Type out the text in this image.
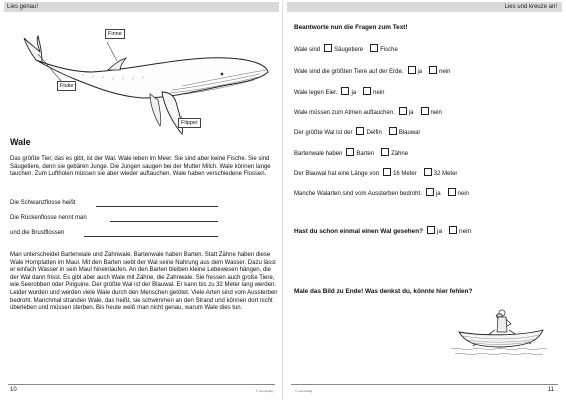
Lies genau!
Finne
Fluke
Flipper
Wale

Das größte Tier, das es gibt, ist der Wal. Wale leben im Meer. Sie sind aber keine Fische. Sie sind Säugetiere, denn sie gebären Junge. Die Jungen saugen bei der Mutter Milch. Wale können lange tauchen. Zum Luftholen müssen sie aber wieder auftauchen. Wale haben verschiedene Flossen.

Die Schwanzflosse heißt
Die Rückenflosse nennt man
und die Brustflossen

Man unterscheidet Bartenwale und Zahnwale. Bartenwale haben Barten. Statt Zähne haben diese Wale Hornplatten im Maul. Mit den Barten siebt der Wal seine Nahrung aus dem Wasser. Dazu lässt er einfach Wasser in sein Maul hineinlaufen. An den Barten bleiben kleine Lebewesen hängen, die der Wal dann frisst. Es gibt aber auch Wale mit Zähne, die Zahnwale. Sie fressen auch große Tiere, wie Seerobben oder Pinguine. Der größte Wal ist der Blauwal. Er kann bis zu 32 Meter lang werden. Leider wurden und werden viele Wale durch den Menschen getötet. Viele Arten sind vom Aussterben bedroht. Manchmal stranden Wale, das heißt, sie schwimmen an den Strand und können dort nicht überleben und müssen sterben. Bis heute weiß man nicht genau, warum Wale dies tun.

10	© Lernverlag
Lies und kreuze an!
Beantworte nun die Fragen zum Text!
Wale sind Säugetiere	Fische
Wale sind die größten Tiere auf der Erde. ja	nein
Wale legen Eier. ja	nein
Wale müssen zum Atmen auftauchen. ja	nein
Der größte Wal ist der Delfin	Blauwal
Bartenwale haben Barten	Zähne
Der Blauwal hat eine Länge von 16 Meter	32 Meter
Manche Walarten sind vom Aussterben bedroht. ja	nein
Hast du schon einmal einen Wal gesehen? ja	nein
Male das Bild zu Ende! Was denkst du, könnte hier fehlen?
© Lernverlag	11
